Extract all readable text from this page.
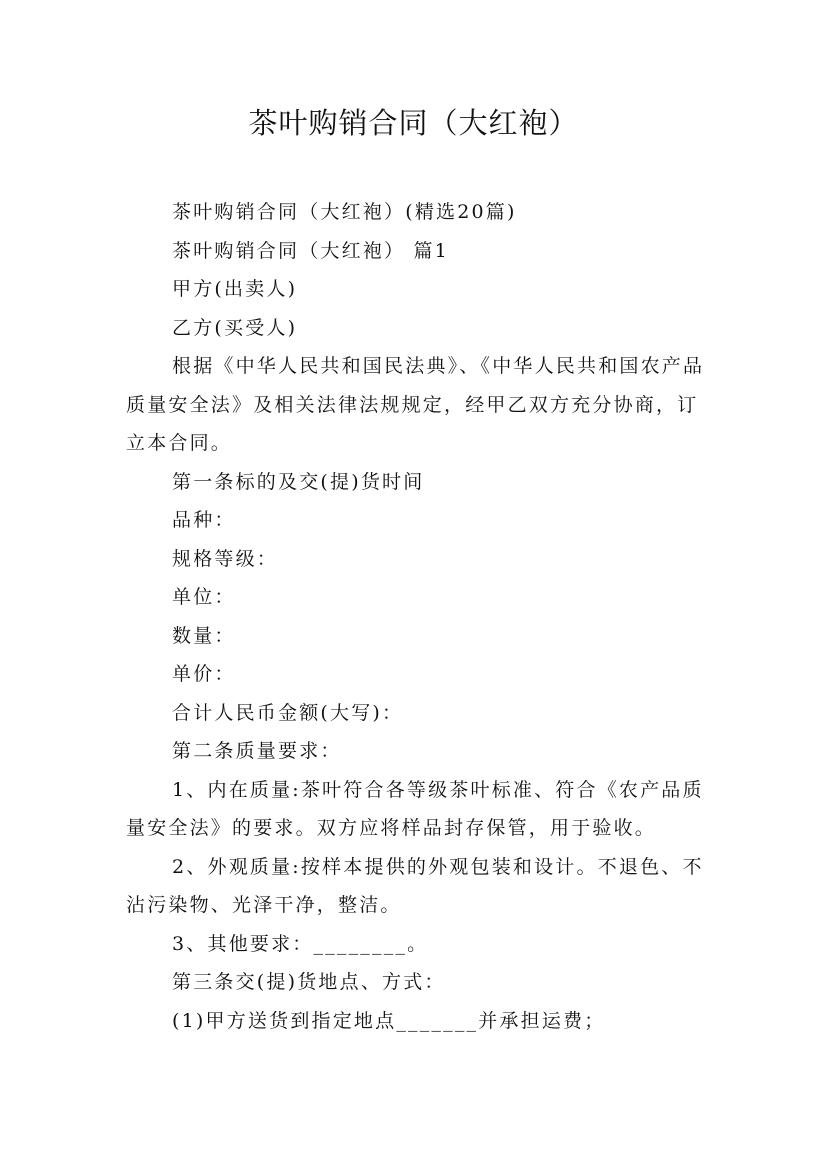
茶叶购销合同（大红袍）

茶叶购销合同（大红袍）(精选20篇)

茶叶购销合同（大红袍） 篇1

甲方(出卖人)

乙方(买受人)

根据《中华人民共和国民法典》、《中华人民共和国农产品质量安全法》及相关法律法规规定，经甲乙双方充分协商，订立本合同。

第一条标的及交(提)货时间

品种：

规格等级：

单位：

数量：

单价：

合计人民币金额(大写)：

第二条质量要求：

1、内在质量:茶叶符合各等级茶叶标准、符合《农产品质量安全法》的要求。双方应将样品封存保管，用于验收。

2、外观质量:按样本提供的外观包装和设计。不退色、不沾污染物、光泽干净，整洁。

3、其他要求：________。

第三条交(提)货地点、方式：

(1)甲方送货到指定地点_______并承担运费；
